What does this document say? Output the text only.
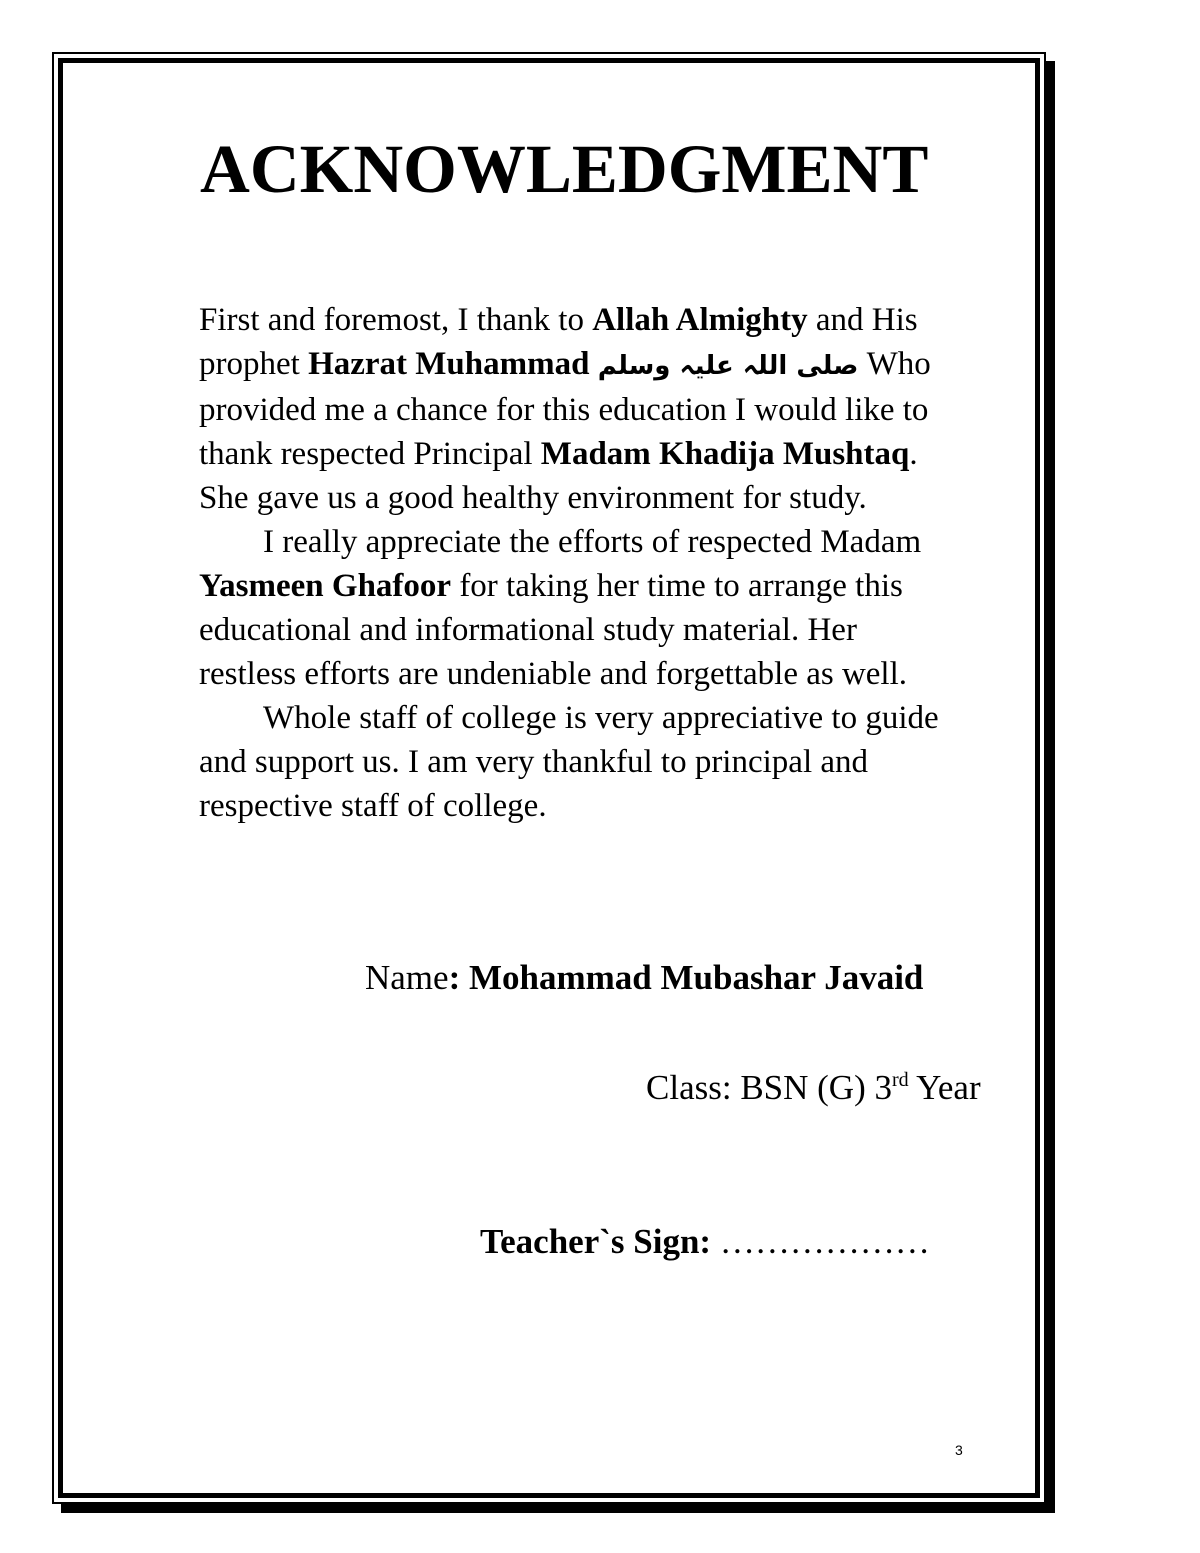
ACKNOWLEDGMENT

First and foremost, I thank to Allah Almighty and His prophet Hazrat Muhammad صلی اللہ علیہ وسلم Who provided me a chance for this education I would like to thank respected Principal Madam Khadija Mushtaq. She gave us a good healthy environment for study.

I really appreciate the efforts of respected Madam Yasmeen Ghafoor for taking her time to arrange this educational and informational study material. Her restless efforts are undeniable and forgettable as well.

Whole staff of college is very appreciative to guide and support us. I am very thankful to principal and respective staff of college.

Name: Mohammad Mubashar Javaid

Class: BSN (G) 3rd Year

Teacher`s Sign: ………………

3
